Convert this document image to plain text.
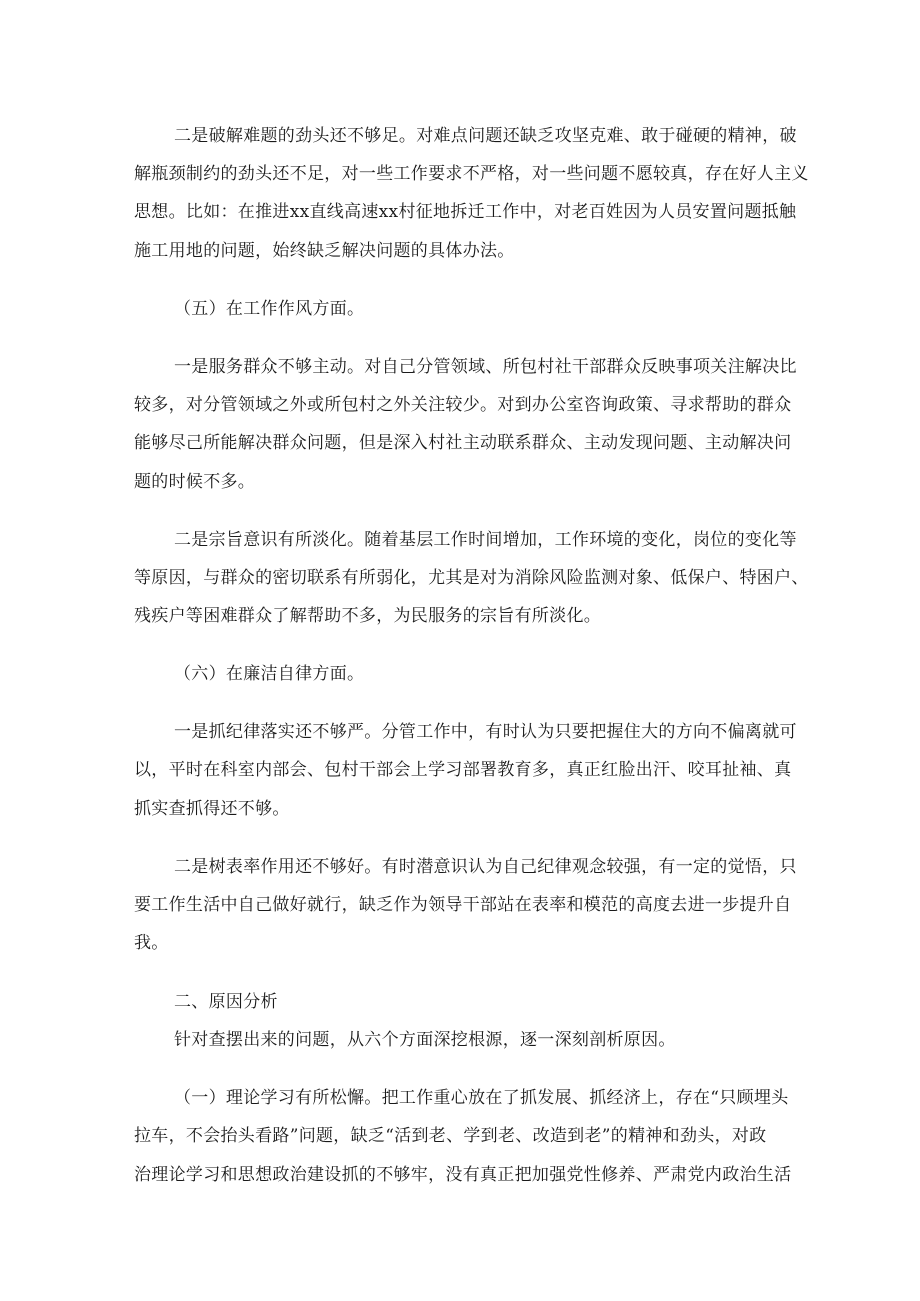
二是破解难题的劲头还不够足。对难点问题还缺乏攻坚克难、敢于碰硬的精神，破
解瓶颈制约的劲头还不足，对一些工作要求不严格，对一些问题不愿较真，存在好人主义
思想。比如：在推进xx直线高速xx村征地拆迁工作中，对老百姓因为人员安置问题抵触
施工用地的问题，始终缺乏解决问题的具体办法。
（五）在工作作风方面。
一是服务群众不够主动。对自己分管领域、所包村社干部群众反映事项关注解决比
较多，对分管领域之外或所包村之外关注较少。对到办公室咨询政策、寻求帮助的群众
能够尽己所能解决群众问题，但是深入村社主动联系群众、主动发现问题、主动解决问
题的时候不多。
二是宗旨意识有所淡化。随着基层工作时间增加，工作环境的变化，岗位的变化等
等原因，与群众的密切联系有所弱化，尤其是对为消除风险监测对象、低保户、特困户、
残疾户等困难群众了解帮助不多，为民服务的宗旨有所淡化。
（六）在廉洁自律方面。
一是抓纪律落实还不够严。分管工作中，有时认为只要把握住大的方向不偏离就可
以，平时在科室内部会、包村干部会上学习部署教育多，真正红脸出汗、咬耳扯袖、真
抓实查抓得还不够。
二是树表率作用还不够好。有时潜意识认为自己纪律观念较强，有一定的觉悟，只
要工作生活中自己做好就行，缺乏作为领导干部站在表率和模范的高度去进一步提升自
我。
二、原因分析
针对查摆出来的问题，从六个方面深挖根源，逐一深刻剖析原因。
（一）理论学习有所松懈。把工作重心放在了抓发展、抓经济上，存在“只顾埋头
拉车，不会抬头看路”问题，缺乏“活到老、学到老、改造到老”的精神和劲头，对政
治理论学习和思想政治建设抓的不够牢，没有真正把加强党性修养、严肃党内政治生活
